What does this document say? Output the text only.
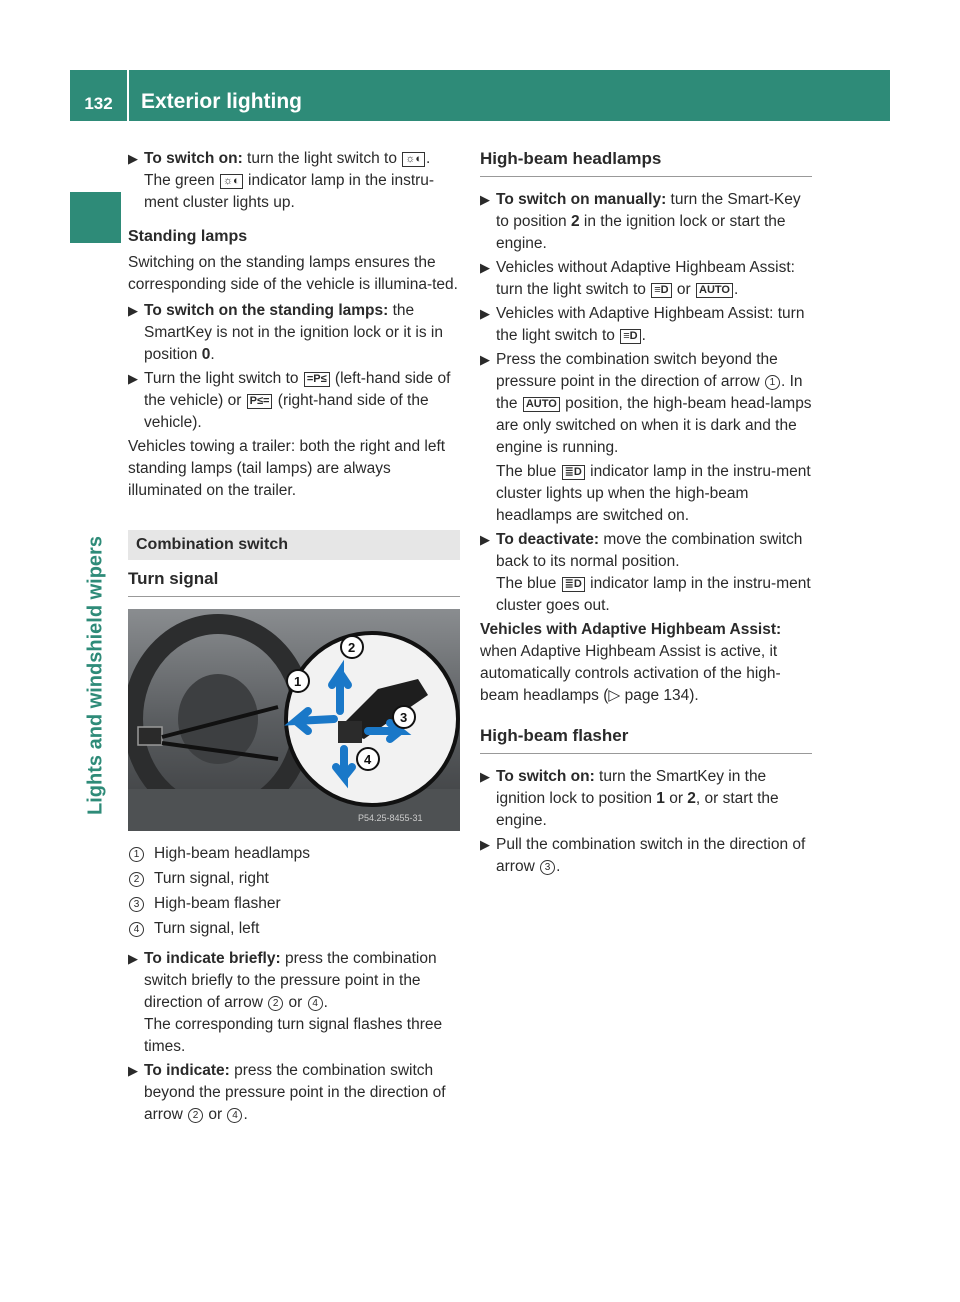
132	Exterior lighting
Lights and windshield wipers
▶ To switch on: turn the light switch to ☼◐ .
The green ☼◐ indicator lamp in the instru-ment cluster lights up.

Standing lamps

Switching on the standing lamps ensures the corresponding side of the vehicle is illumina-ted.

▶ To switch on the standing lamps: the SmartKey is not in the ignition lock or it is in position 0.
▶ Turn the light switch to =P≤ (left-hand side of the vehicle) or P≤= (right-hand side of the vehicle).

Vehicles towing a trailer: both the right and left standing lamps (tail lamps) are always illuminated on the trailer.

Combination switch
Turn signal
1
2
3
4
P54.25-8455-31
1 High-beam headlamps
2 Turn signal, right
3 High-beam flasher
4 Turn signal, left
▶ To indicate briefly: press the combination switch briefly to the pressure point in the direction of arrow 2 or 4 .
The corresponding turn signal flashes three times.
▶ To indicate: press the combination switch beyond the pressure point in the direction of arrow 2 or 4 .
High-beam headlamps
▶ To switch on manually: turn the Smart-Key to position 2 in the ignition lock or start the engine.
▶ Vehicles without Adaptive Highbeam Assist: turn the light switch to ≡D or AUTO .
▶ Vehicles with Adaptive Highbeam Assist: turn the light switch to ≡D .
▶ Press the combination switch beyond the pressure point in the direction of arrow 1 . In the AUTO position, the high-beam head-lamps are only switched on when it is dark and the engine is running.

The blue ≣D indicator lamp in the instru-ment cluster lights up when the high-beam headlamps are switched on.

▶ To deactivate: move the combination switch back to its normal position.
The blue ≣D indicator lamp in the instru-ment cluster goes out.

Vehicles with Adaptive Highbeam Assist:
when Adaptive Highbeam Assist is active, it automatically controls activation of the high-beam headlamps (▷ page 134).

High-beam flasher
▶ To switch on: turn the SmartKey in the ignition lock to position 1 or 2, or start the engine.
▶ Pull the combination switch in the direction of arrow 3 .
